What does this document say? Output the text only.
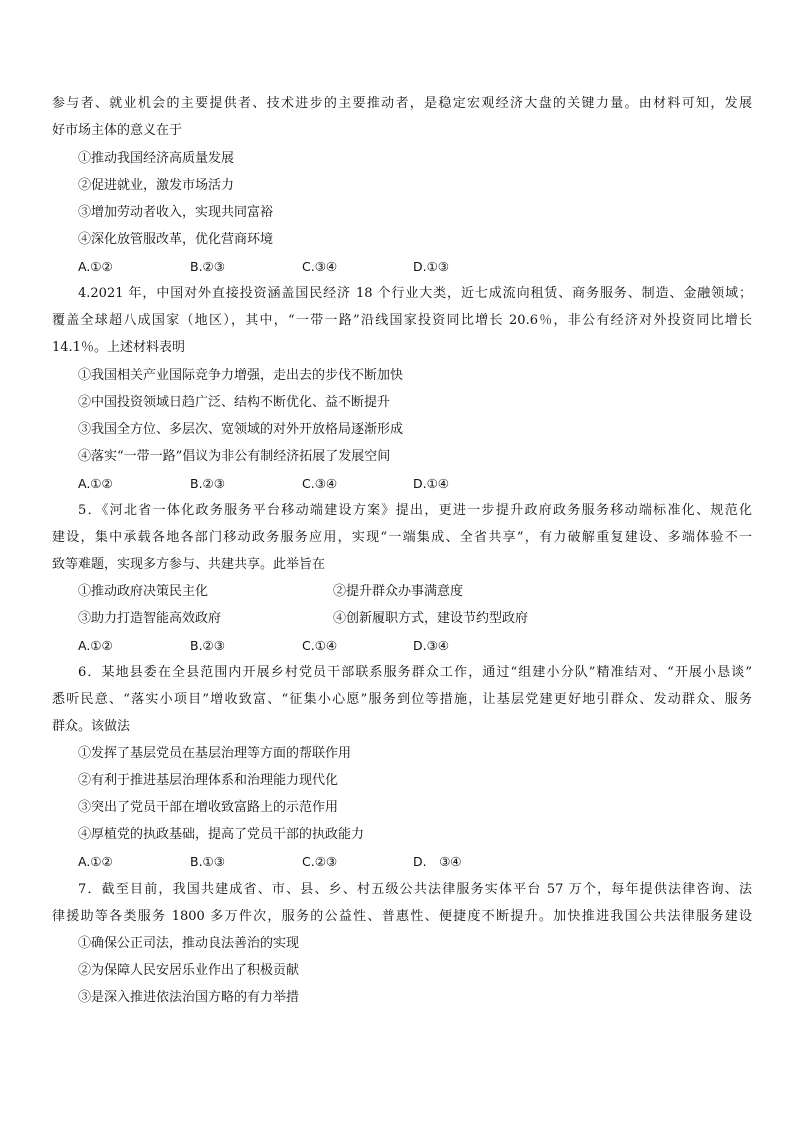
参与者、就业机会的主要提供者、技术进步的主要推动者，是稳定宏观经济大盘的关键力量。由材料可知，发展
好市场主体的意义在于
①推动我国经济高质量发展
②促进就业，激发市场活力
③增加劳动者收入，实现共同富裕
④深化放管服改革，优化营商环境
A.①②	B.②③	C.③④	D.①③
4.2021 年，中国对外直接投资涵盖国民经济 18 个行业大类，近七成流向租赁、商务服务、制造、金融领域；
覆盖全球超八成国家（地区），其中，“一带一路”沿线国家投资同比增长 20.6％，非公有经济对外投资同比增长
14.1％。上述材料表明
①我国相关产业国际竞争力增强，走出去的步伐不断加快
②中国投资领域日趋广泛、结构不断优化、益不断提升
③我国全方位、多层次、宽领域的对外开放格局逐渐形成
④落实“一带一路”倡议为非公有制经济拓展了发展空间
A.①②	B.②③	C.③④	D.①④
5．《河北省一体化政务服务平台移动端建设方案》提出，更进一步提升政府政务服务移动端标准化、规范化
建设，集中承载各地各部门移动政务服务应用，实现“一端集成、全省共享”，有力破解重复建设、多端体验不一
致等难题，实现多方参与、共建共享。此举旨在
①推动政府决策民主化	②提升群众办事满意度
③助力打造智能高效政府	④创新履职方式，建设节约型政府
A.①②	B.②③	C.①④	D.③④
6．某地县委在全县范围内开展乡村党员干部联系服务群众工作，通过“组建小分队”精准结对、“开展小恳谈”
悉听民意、“落实小项目”增收致富、“征集小心愿”服务到位等措施，让基层党建更好地引群众、发动群众、服务
群众。该做法
①发挥了基层党员在基层治理等方面的帮联作用
②有利于推进基层治理体系和治理能力现代化
③突出了党员干部在增收致富路上的示范作用
④厚植党的执政基础，提高了党员干部的执政能力
A.①②	B.①③	C.②③	D.　③④
7．截至目前，我国共建成省、市、县、乡、村五级公共法律服务实体平台 57 万个，每年提供法律咨询、法
律援助等各类服务 1800 多万件次，服务的公益性、普惠性、便捷度不断提升。加快推进我国公共法律服务建设
①确保公正司法，推动良法善治的实现
②为保障人民安居乐业作出了积极贡献
③是深入推进依法治国方略的有力举措
